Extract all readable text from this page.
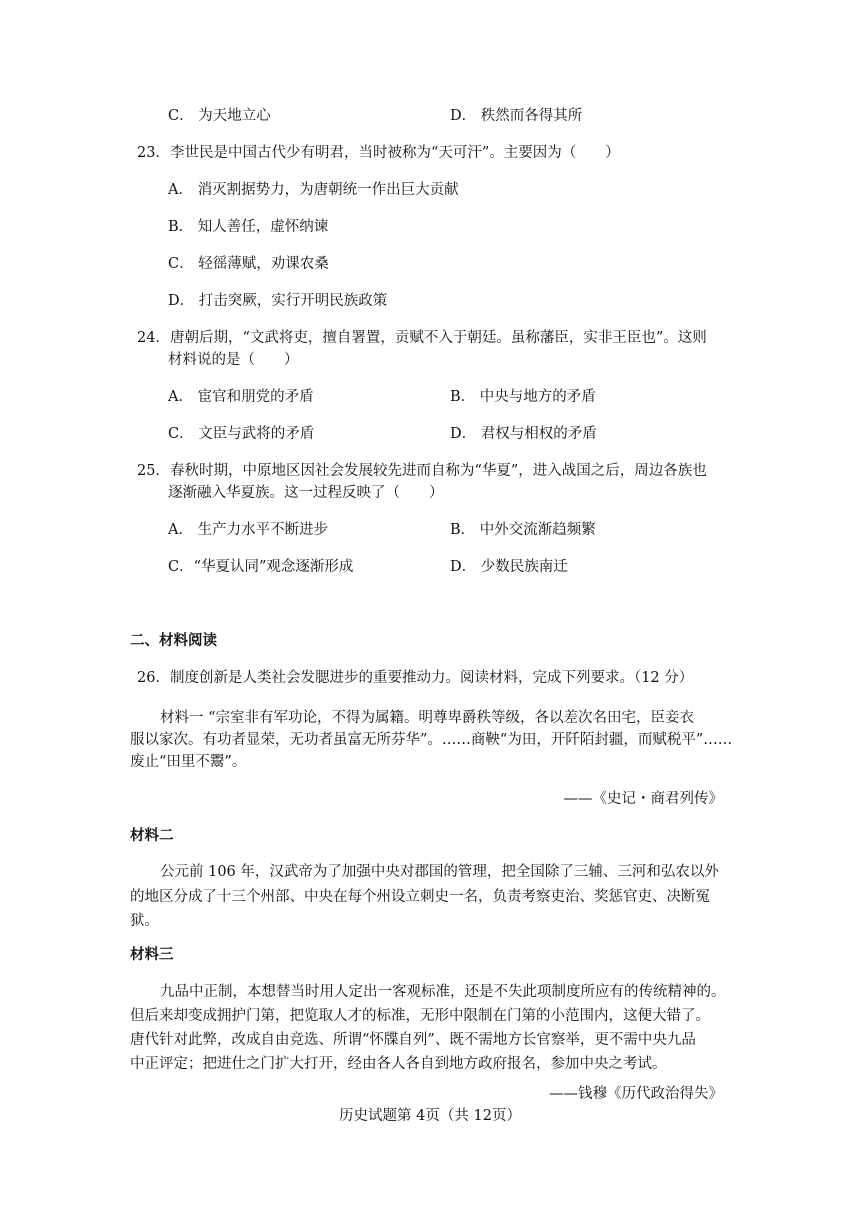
C． 为天地立心	D． 秩然而各得其所
23．李世民是中国古代少有明君，当时被称为“天可汗”。主要因为（　　）
A． 消灭割据势力，为唐朝统一作出巨大贡献
B． 知人善任，虚怀纳谏
C． 轻徭薄赋，劝课农桑
D． 打击突厥，实行开明民族政策
24．唐朝后期，“文武将吏，擅自署置，贡赋不入于朝廷。虽称藩臣，实非王臣也”。这则
材料说的是（　　）
A． 宦官和朋党的矛盾	B． 中央与地方的矛盾
C． 文臣与武将的矛盾	D． 君权与相权的矛盾
25．春秋时期，中原地区因社会发展较先进而自称为“华夏”，进入战国之后，周边各族也
逐渐融入华夏族。这一过程反映了（　　）
A． 生产力水平不断进步	B． 中外交流渐趋频繁
C．“华夏认同”观念逐渐形成	D． 少数民族南迁
二、材料阅读
26．制度创新是人类社会发腮进步的重要推动力。阅读材料，完成下列要求。（12 分）
材料一 “宗室非有军功论，不得为属籍。明尊卑爵秩等级，各以差次名田宅，臣妾衣
服以家次。有功者显荣，无功者虽富无所芬华”。……商鞅“为田，开阡陌封疆，而赋税平”……
废止“田里不鬻”。
——《史记・商君列传》
材料二
公元前 106 年，汉武帝为了加强中央对郡国的管理，把全国除了三辅、三河和弘农以外
的地区分成了十三个州部、中央在每个州设立刺史一名，负责考察吏治、奖惩官吏、决断冤
狱。
材料三
九品中正制，本想替当时用人定出一客观标准，还是不失此项制度所应有的传统精神的。
但后来却变成拥护门第，把览取人才的标准，无形中限制在门第的小范围内，这便大错了。
唐代针对此弊，改成自由竞选、所谓“怀牒自列”、既不需地方长官察举，更不需中央九品
中正评定；把进仕之门扩大打开，经由各人各自到地方政府报名，参加中央之考试。
——钱穆《历代政治得失》
历史试题第 4页（共 12页）
